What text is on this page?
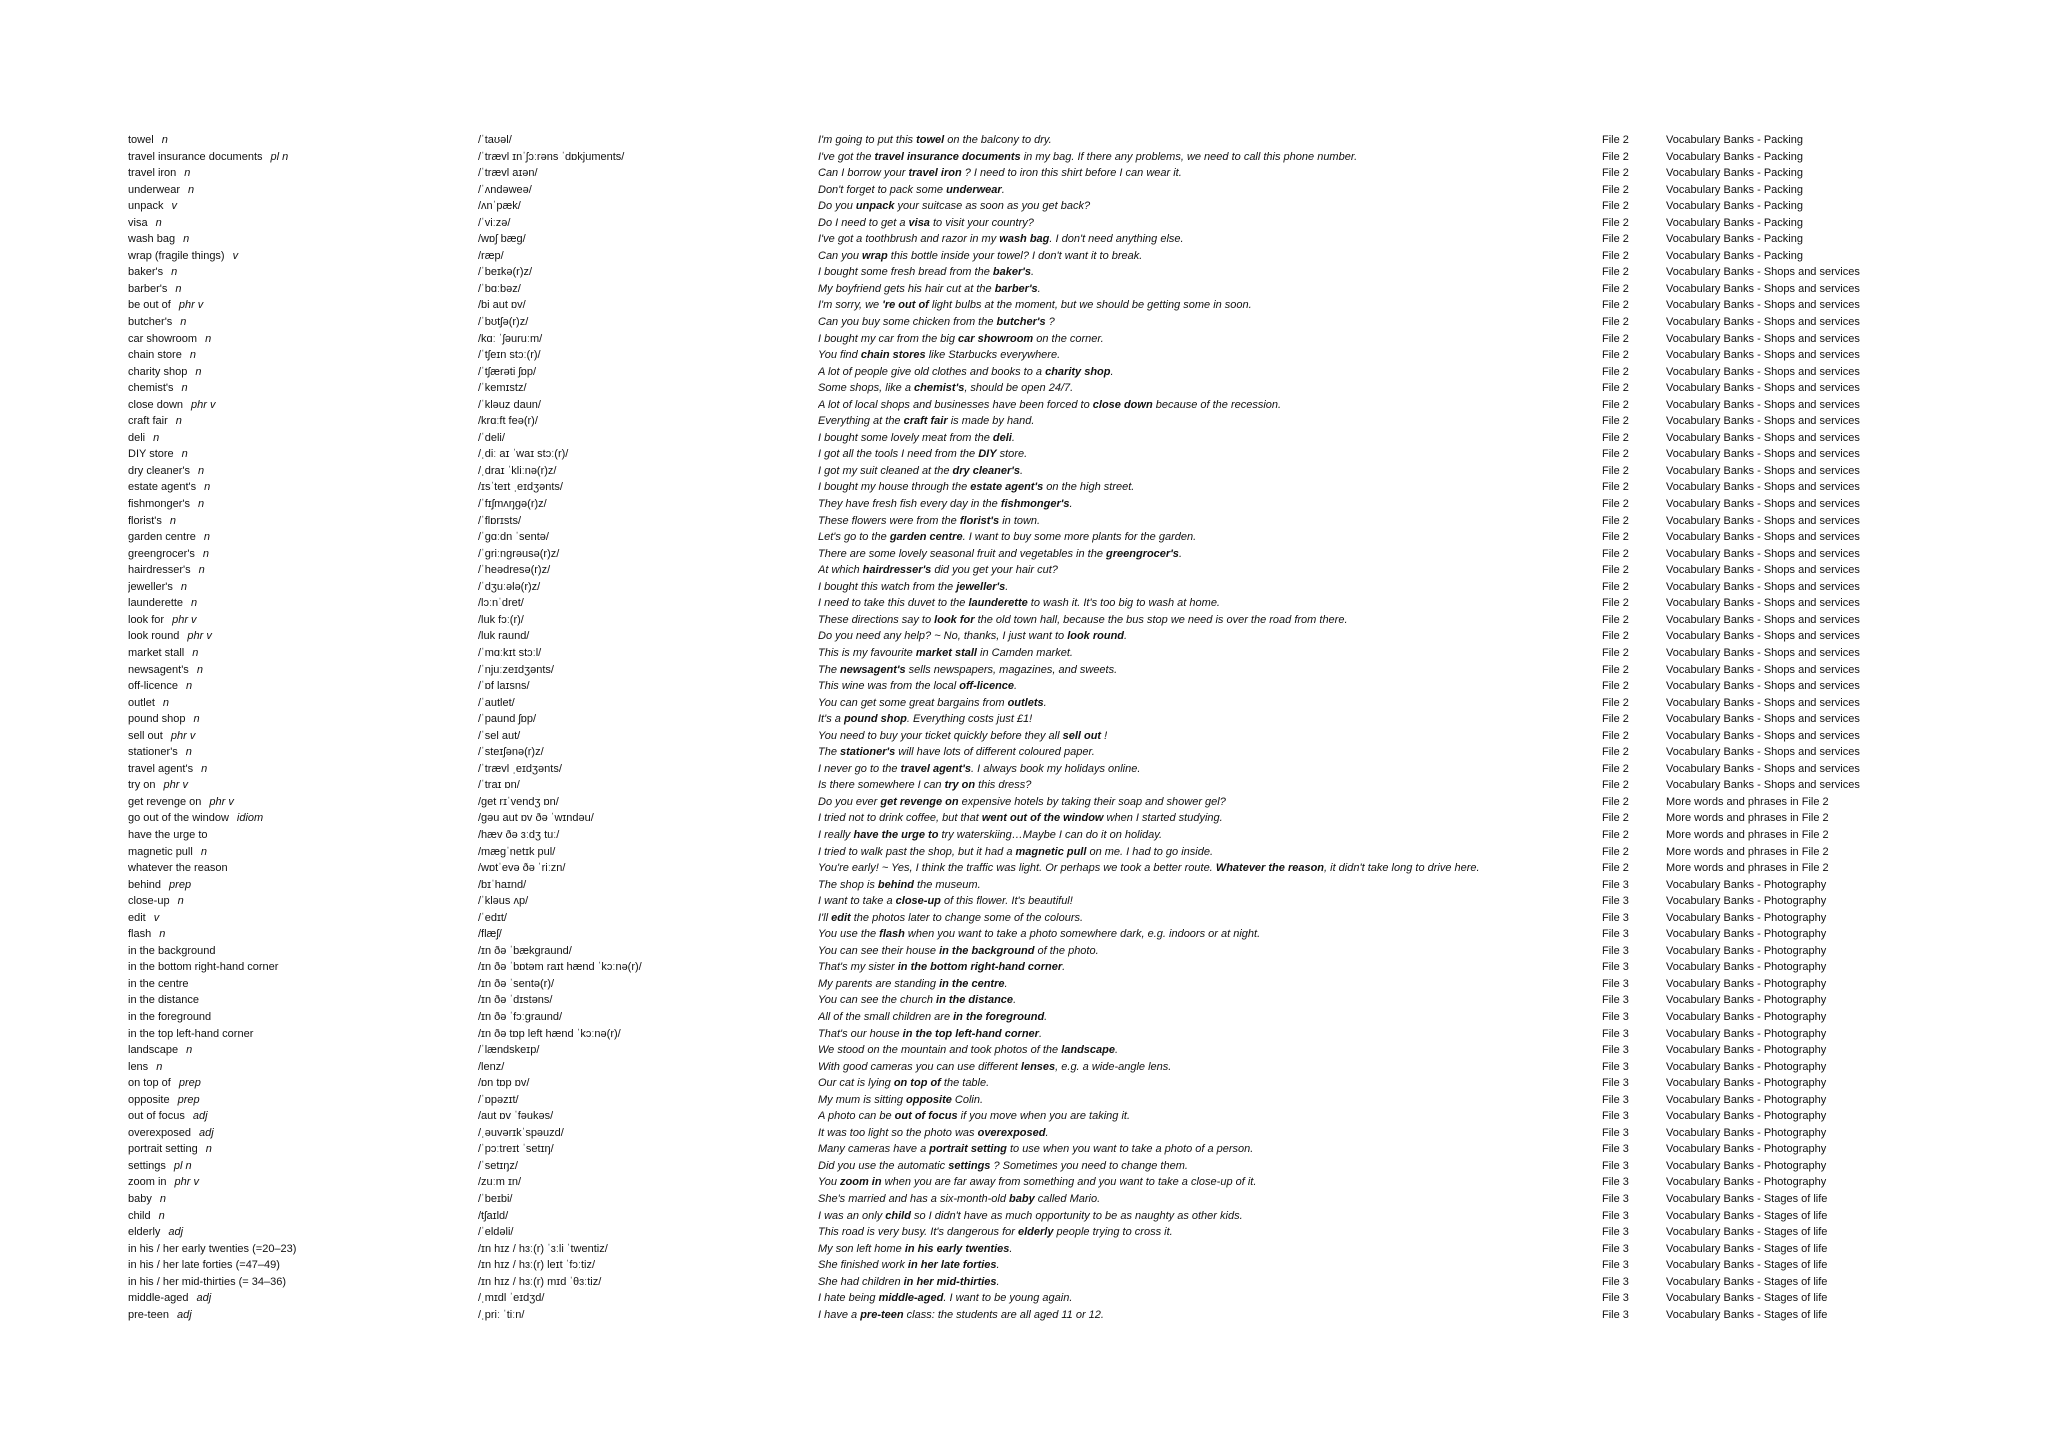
towel n	/ˈtaʊəl/	I'm going to put this towel on the balcony to dry.	File 2	Vocabulary Banks - Packing
travel insurance documents pl n	/ˈtrævl ɪnˈʃɔːrəns ˈdɒkjuments/	I've got the travel insurance documents in my bag. If there any problems, we need to call this phone number.	File 2	Vocabulary Banks - Packing
travel iron n	/ˈtrævl aɪən/	Can I borrow your travel iron ? I need to iron this shirt before I can wear it.	File 2	Vocabulary Banks - Packing
underwear n	/ˈʌndəweə/	Don't forget to pack some underwear.	File 2	Vocabulary Banks - Packing
unpack v	/ʌnˈpæk/	Do you unpack your suitcase as soon as you get back?	File 2	Vocabulary Banks - Packing
visa n	/ˈviːzə/	Do I need to get a visa to visit your country?	File 2	Vocabulary Banks - Packing
wash bag n	/wɒʃ bæg/	I've got a toothbrush and razor in my wash bag. I don't need anything else.	File 2	Vocabulary Banks - Packing
wrap (fragile things) v	/ræp/	Can you wrap this bottle inside your towel? I don't want it to break.	File 2	Vocabulary Banks - Packing
baker's n	/ˈbeɪkə(r)z/	I bought some fresh bread from the baker's.	File 2	Vocabulary Banks - Shops and services
barber's n	/ˈbɑːbəz/	My boyfriend gets his hair cut at the barber's.	File 2	Vocabulary Banks - Shops and services
be out of phr v	/bi aut ɒv/	I'm sorry, we 're out of light bulbs at the moment, but we should be getting some in soon.	File 2	Vocabulary Banks - Shops and services
butcher's n	/ˈbʊtʃə(r)z/	Can you buy some chicken from the butcher's ?	File 2	Vocabulary Banks - Shops and services
car showroom n	/kɑː ˈʃəuruːm/	I bought my car from the big car showroom on the corner.	File 2	Vocabulary Banks - Shops and services
chain store n	/ˈtʃeɪn stɔː(r)/	You find chain stores like Starbucks everywhere.	File 2	Vocabulary Banks - Shops and services
charity shop n	/ˈtʃærəti ʃɒp/	A lot of people give old clothes and books to a charity shop.	File 2	Vocabulary Banks - Shops and services
chemist's n	/ˈkemɪstz/	Some shops, like a chemist's, should be open 24/7.	File 2	Vocabulary Banks - Shops and services
close down phr v	/ˈkləuz daun/	A lot of local shops and businesses have been forced to close down because of the recession.	File 2	Vocabulary Banks - Shops and services
craft fair n	/krɑːft feə(r)/	Everything at the craft fair is made by hand.	File 2	Vocabulary Banks - Shops and services
deli n	/ˈdeli/	I bought some lovely meat from the deli.	File 2	Vocabulary Banks - Shops and services
DIY store n	/ˌdiː aɪ ˈwaɪ stɔː(r)/	I got all the tools I need from the DIY store.	File 2	Vocabulary Banks - Shops and services
dry cleaner's n	/ˌdraɪ ˈkliːnə(r)z/	I got my suit cleaned at the dry cleaner's.	File 2	Vocabulary Banks - Shops and services
estate agent's n	/ɪsˈteɪt ˌeɪdʒənts/	I bought my house through the estate agent's on the high street.	File 2	Vocabulary Banks - Shops and services
fishmonger's n	/ˈfɪʃmʌŋgə(r)z/	They have fresh fish every day in the fishmonger's.	File 2	Vocabulary Banks - Shops and services
florist's n	/ˈflɒrɪsts/	These flowers were from the florist's in town.	File 2	Vocabulary Banks - Shops and services
garden centre n	/ˈgɑːdn ˈsentə/	Let's go to the garden centre. I want to buy some more plants for the garden.	File 2	Vocabulary Banks - Shops and services
greengrocer's n	/ˈgriːngrəusə(r)z/	There are some lovely seasonal fruit and vegetables in the greengrocer's.	File 2	Vocabulary Banks - Shops and services
hairdresser's n	/ˈheədresə(r)z/	At which hairdresser's did you get your hair cut?	File 2	Vocabulary Banks - Shops and services
jeweller's n	/ˈdʒuːələ(r)z/	I bought this watch from the jeweller's.	File 2	Vocabulary Banks - Shops and services
launderette n	/lɔːnˈdret/	I need to take this duvet to the launderette to wash it. It's too big to wash at home.	File 2	Vocabulary Banks - Shops and services
look for phr v	/luk fɔː(r)/	These directions say to look for the old town hall, because the bus stop we need is over the road from there.	File 2	Vocabulary Banks - Shops and services
look round phr v	/luk raund/	Do you need any help? ~ No, thanks, I just want to look round.	File 2	Vocabulary Banks - Shops and services
market stall n	/ˈmɑːkɪt stɔːl/	This is my favourite market stall in Camden market.	File 2	Vocabulary Banks - Shops and services
newsagent's n	/ˈnjuːzeɪdʒənts/	The newsagent's sells newspapers, magazines, and sweets.	File 2	Vocabulary Banks - Shops and services
off-licence n	/ˈɒf laɪsns/	This wine was from the local off-licence.	File 2	Vocabulary Banks - Shops and services
outlet n	/ˈautlet/	You can get some great bargains from outlets.	File 2	Vocabulary Banks - Shops and services
pound shop n	/ˈpaund ʃɒp/	It's a pound shop. Everything costs just £1!	File 2	Vocabulary Banks - Shops and services
sell out phr v	/ˈsel aut/	You need to buy your ticket quickly before they all sell out !	File 2	Vocabulary Banks - Shops and services
stationer's n	/ˈsteɪʃənə(r)z/	The stationer's will have lots of different coloured paper.	File 2	Vocabulary Banks - Shops and services
travel agent's n	/ˈtrævl ˌeɪdʒənts/	I never go to the travel agent's. I always book my holidays online.	File 2	Vocabulary Banks - Shops and services
try on phr v	/ˈtraɪ ɒn/	Is there somewhere I can try on this dress?	File 2	Vocabulary Banks - Shops and services
get revenge on phr v	/get rɪˈvendʒ ɒn/	Do you ever get revenge on expensive hotels by taking their soap and shower gel?	File 2	More words and phrases in File 2
go out of the window idiom	/gəu aut ɒv ðə ˈwɪndəu/	I tried not to drink coffee, but that went out of the window when I started studying.	File 2	More words and phrases in File 2
have the urge to	/hæv ðə ɜːdʒ tuː/	I really have the urge to try waterskiing…Maybe I can do it on holiday.	File 2	More words and phrases in File 2
magnetic pull n	/mægˈnetɪk pul/	I tried to walk past the shop, but it had a magnetic pull on me. I had to go inside.	File 2	More words and phrases in File 2
whatever the reason	/wɒtˈevə ðə ˈriːzn/	You're early! ~ Yes, I think the traffic was light. Or perhaps we took a better route. Whatever the reason, it didn't take long to drive here.	File 2	More words and phrases in File 2
behind prep	/bɪˈhaɪnd/	The shop is behind the museum.	File 3	Vocabulary Banks - Photography
close-up n	/ˈkləus ʌp/	I want to take a close-up of this flower. It's beautiful!	File 3	Vocabulary Banks - Photography
edit v	/ˈedɪt/	I'll edit the photos later to change some of the colours.	File 3	Vocabulary Banks - Photography
flash n	/flæʃ/	You use the flash when you want to take a photo somewhere dark, e.g. indoors or at night.	File 3	Vocabulary Banks - Photography
in the background	/ɪn ðə ˈbækgraund/	You can see their house in the background of the photo.	File 3	Vocabulary Banks - Photography
in the bottom right-hand corner	/ɪn ðə ˈbɒtəm raɪt hænd ˈkɔːnə(r)/	That's my sister in the bottom right-hand corner.	File 3	Vocabulary Banks - Photography
in the centre	/ɪn ðə ˈsentə(r)/	My parents are standing in the centre.	File 3	Vocabulary Banks - Photography
in the distance	/ɪn ðə ˈdɪstəns/	You can see the church in the distance.	File 3	Vocabulary Banks - Photography
in the foreground	/ɪn ðə ˈfɔːgraund/	All of the small children are in the foreground.	File 3	Vocabulary Banks - Photography
in the top left-hand corner	/ɪn ðə tɒp left hænd ˈkɔːnə(r)/	That's our house in the top left-hand corner.	File 3	Vocabulary Banks - Photography
landscape n	/ˈlændskeɪp/	We stood on the mountain and took photos of the landscape.	File 3	Vocabulary Banks - Photography
lens n	/lenz/	With good cameras you can use different lenses, e.g. a wide-angle lens.	File 3	Vocabulary Banks - Photography
on top of prep	/ɒn tɒp ɒv/	Our cat is lying on top of the table.	File 3	Vocabulary Banks - Photography
opposite prep	/ˈɒpəzɪt/	My mum is sitting opposite Colin.	File 3	Vocabulary Banks - Photography
out of focus adj	/aut ɒv ˈfəukəs/	A photo can be out of focus if you move when you are taking it.	File 3	Vocabulary Banks - Photography
overexposed adj	/ˌəuvərɪkˈspəuzd/	It was too light so the photo was overexposed.	File 3	Vocabulary Banks - Photography
portrait setting n	/ˈpɔːtreɪt ˈsetɪŋ/	Many cameras have a portrait setting to use when you want to take a photo of a person.	File 3	Vocabulary Banks - Photography
settings pl n	/ˈsetɪŋz/	Did you use the automatic settings ? Sometimes you need to change them.	File 3	Vocabulary Banks - Photography
zoom in phr v	/zuːm ɪn/	You zoom in when you are far away from something and you want to take a close-up of it.	File 3	Vocabulary Banks - Photography
baby n	/ˈbeɪbi/	She's married and has a six-month-old baby called Mario.	File 3	Vocabulary Banks - Stages of life
child n	/tʃaɪld/	I was an only child so I didn't have as much opportunity to be as naughty as other kids.	File 3	Vocabulary Banks - Stages of life
elderly adj	/ˈeldəli/	This road is very busy. It's dangerous for elderly people trying to cross it.	File 3	Vocabulary Banks - Stages of life
in his / her early twenties (=20–23)	/ɪn hɪz / hɜː(r) ˈɜːli ˈtwentiz/	My son left home in his early twenties.	File 3	Vocabulary Banks - Stages of life
in his / her late forties (=47–49)	/ɪn hɪz / hɜː(r) leɪt ˈfɔːtiz/	She finished work in her late forties.	File 3	Vocabulary Banks - Stages of life
in his / her mid-thirties (= 34–36)	/ɪn hɪz / hɜː(r) mɪd ˈθɜːtiz/	She had children in her mid-thirties.	File 3	Vocabulary Banks - Stages of life
middle-aged adj	/ˌmɪdl ˈeɪdʒd/	I hate being middle-aged. I want to be young again.	File 3	Vocabulary Banks - Stages of life
pre-teen adj	/ˌpriː ˈtiːn/	I have a pre-teen class: the students are all aged 11 or 12.	File 3	Vocabulary Banks - Stages of life
